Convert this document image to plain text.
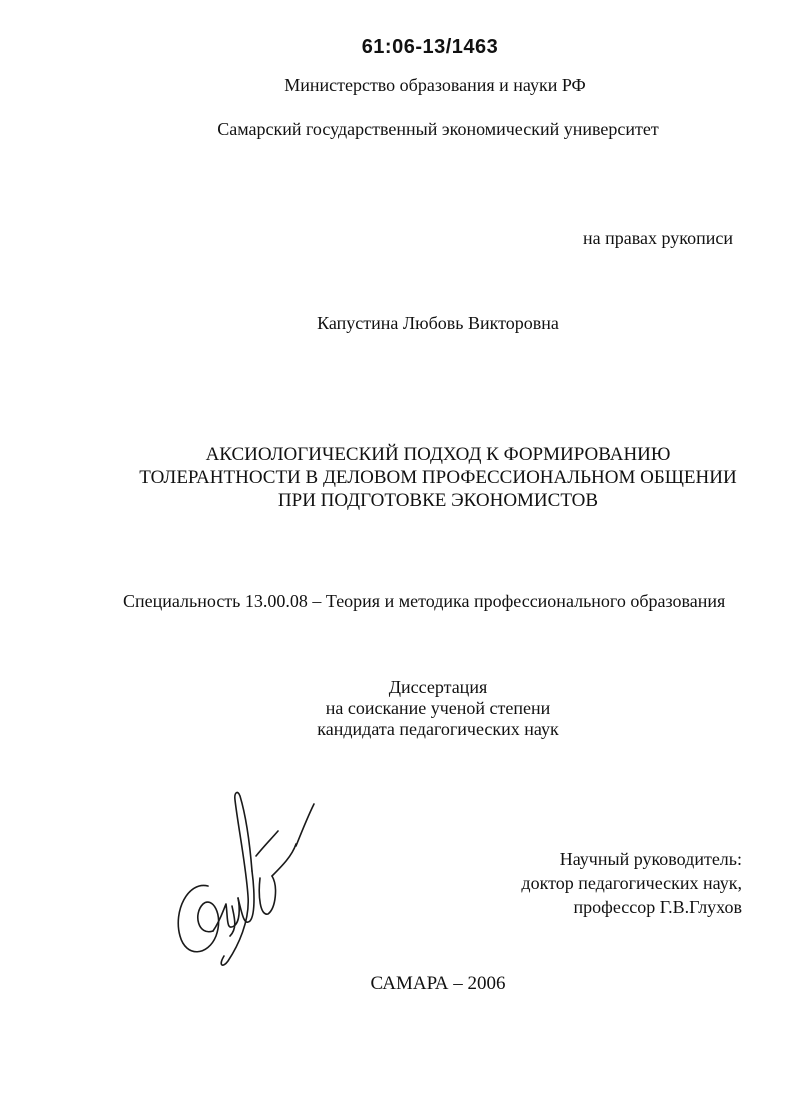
61:06-13/1463
Министерство образования и науки РФ
Самарский государственный экономический университет
на правах рукописи
Капустина Любовь Викторовна
АКСИОЛОГИЧЕСКИЙ ПОДХОД К ФОРМИРОВАНИЮ
ТОЛЕРАНТНОСТИ В ДЕЛОВОМ ПРОФЕССИОНАЛЬНОМ ОБЩЕНИИ
ПРИ ПОДГОТОВКЕ ЭКОНОМИСТОВ
Специальность 13.00.08 – Теория и методика профессионального образования
Диссертация
на соискание ученой степени
кандидата педагогических наук
Научный руководитель:
доктор педагогических наук,
профессор Г.В.Глухов
САМАРА – 2006
